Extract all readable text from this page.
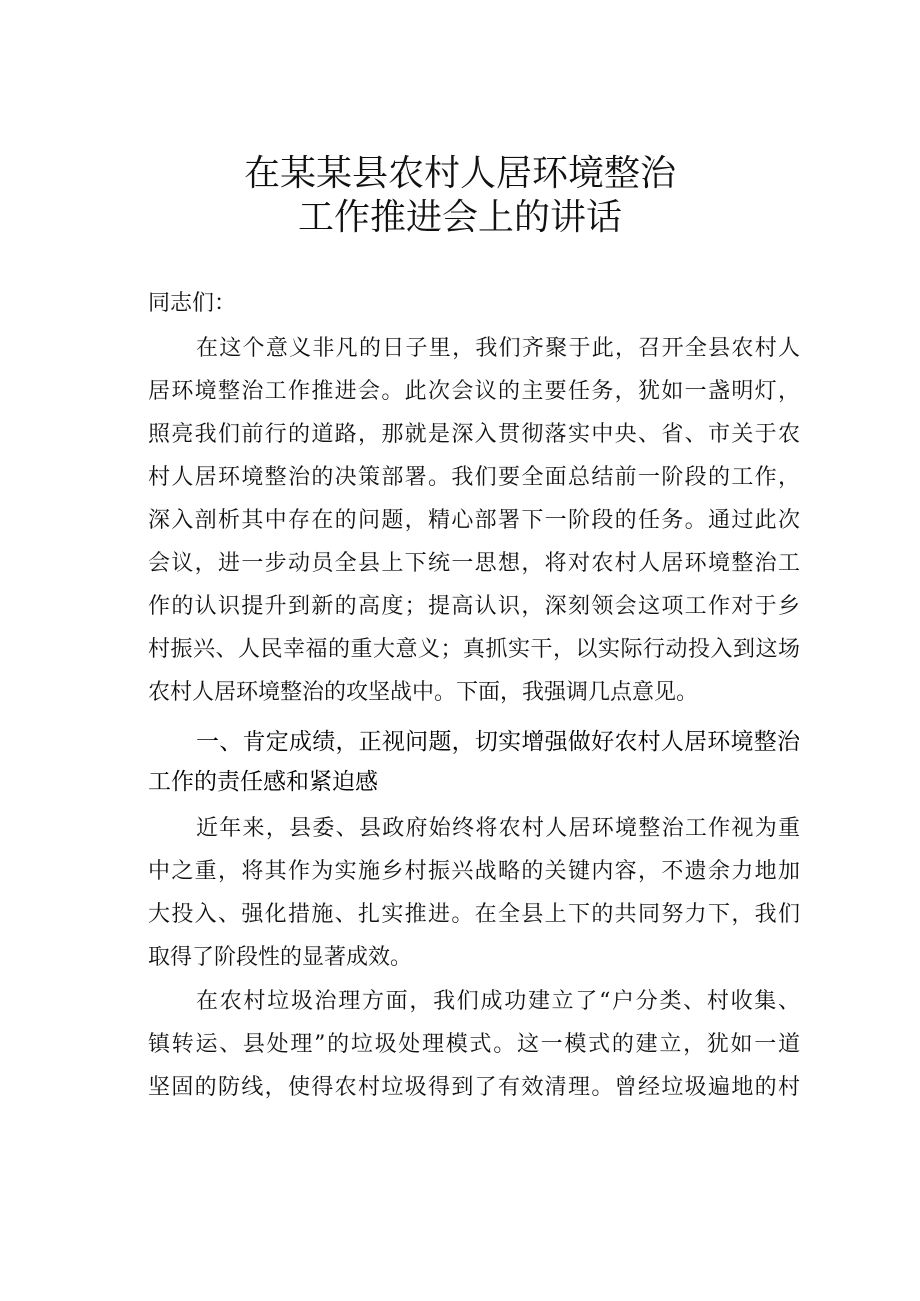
在某某县农村人居环境整治
工作推进会上的讲话
同志们：
在这个意义非凡的日子里，我们齐聚于此，召开全县农村人
居环境整治工作推进会。此次会议的主要任务，犹如一盏明灯，
照亮我们前行的道路，那就是深入贯彻落实中央、省、市关于农
村人居环境整治的决策部署。我们要全面总结前一阶段的工作，
深入剖析其中存在的问题，精心部署下一阶段的任务。通过此次
会议，进一步动员全县上下统一思想，将对农村人居环境整治工
作的认识提升到新的高度；提高认识，深刻领会这项工作对于乡
村振兴、人民幸福的重大意义；真抓实干，以实际行动投入到这场
农村人居环境整治的攻坚战中。下面，我强调几点意见。
一、肯定成绩，正视问题，切实增强做好农村人居环境整治
工作的责任感和紧迫感
近年来，县委、县政府始终将农村人居环境整治工作视为重
中之重，将其作为实施乡村振兴战略的关键内容，不遗余力地加
大投入、强化措施、扎实推进。在全县上下的共同努力下，我们
取得了阶段性的显著成效。
在农村垃圾治理方面，我们成功建立了“户分类、村收集、
镇转运、县处理”的垃圾处理模式。这一模式的建立，犹如一道
坚固的防线，使得农村垃圾得到了有效清理。曾经垃圾遍地的村
